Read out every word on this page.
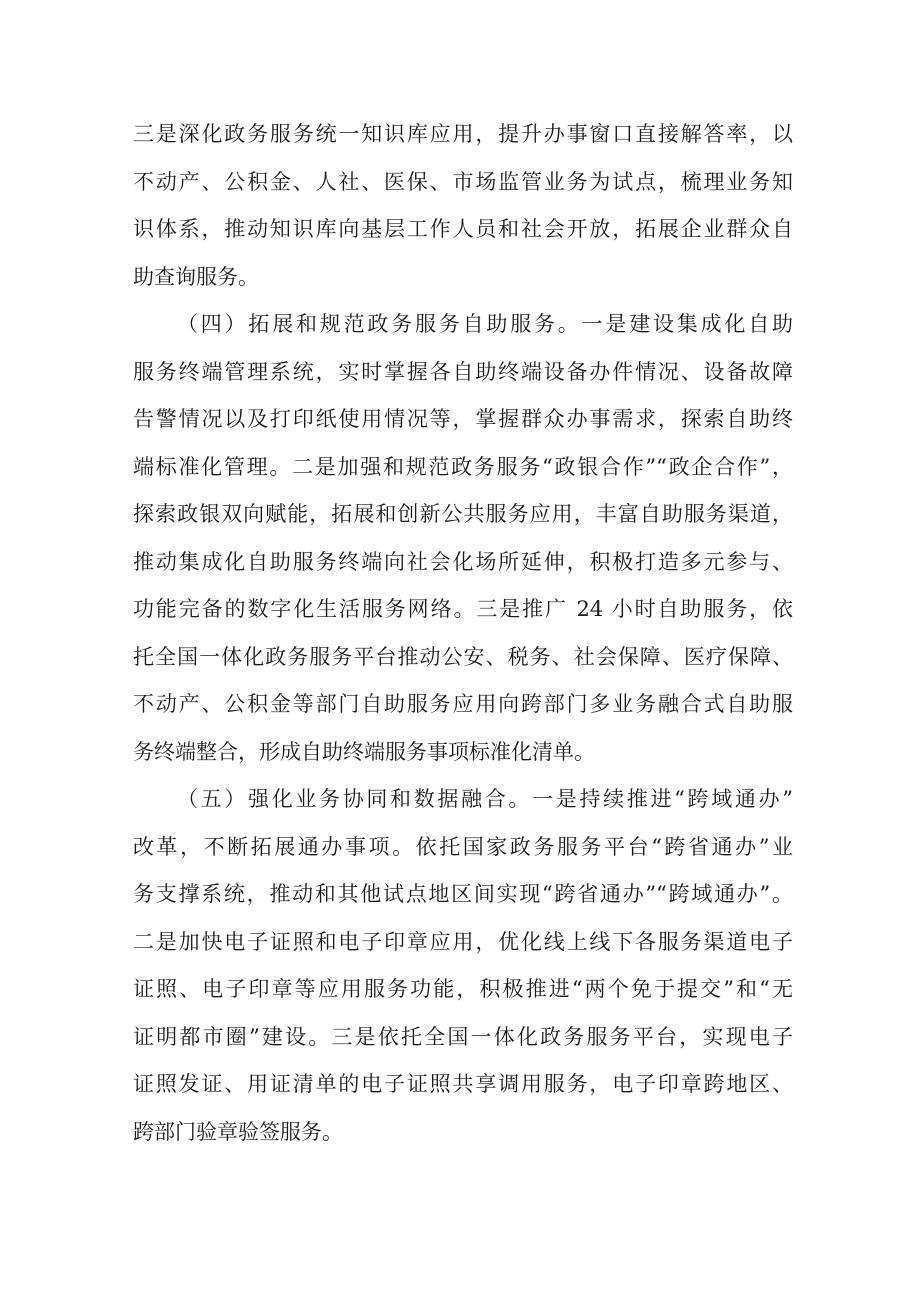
三是深化政务服务统一知识库应用，提升办事窗口直接解答率，以
不动产、公积金、人社、医保、市场监管业务为试点，梳理业务知
识体系，推动知识库向基层工作人员和社会开放，拓展企业群众自
助查询服务。
（四）拓展和规范政务服务自助服务。一是建设集成化自助
服务终端管理系统，实时掌握各自助终端设备办件情况、设备故障
告警情况以及打印纸使用情况等，掌握群众办事需求，探索自助终
端标准化管理。二是加强和规范政务服务“政银合作”“政企合作”，
探索政银双向赋能，拓展和创新公共服务应用，丰富自助服务渠道，
推动集成化自助服务终端向社会化场所延伸，积极打造多元参与、
功能完备的数字化生活服务网络。三是推广 24 小时自助服务，依
托全国一体化政务服务平台推动公安、税务、社会保障、医疗保障、
不动产、公积金等部门自助服务应用向跨部门多业务融合式自助服
务终端整合，形成自助终端服务事项标准化清单。
（五）强化业务协同和数据融合。一是持续推进“跨域通办”
改革，不断拓展通办事项。依托国家政务服务平台“跨省通办”业
务支撑系统，推动和其他试点地区间实现“跨省通办”“跨域通办”。
二是加快电子证照和电子印章应用，优化线上线下各服务渠道电子
证照、电子印章等应用服务功能，积极推进“两个免于提交”和“无
证明都市圈”建设。三是依托全国一体化政务服务平台，实现电子
证照发证、用证清单的电子证照共享调用服务，电子印章跨地区、
跨部门验章验签服务。
